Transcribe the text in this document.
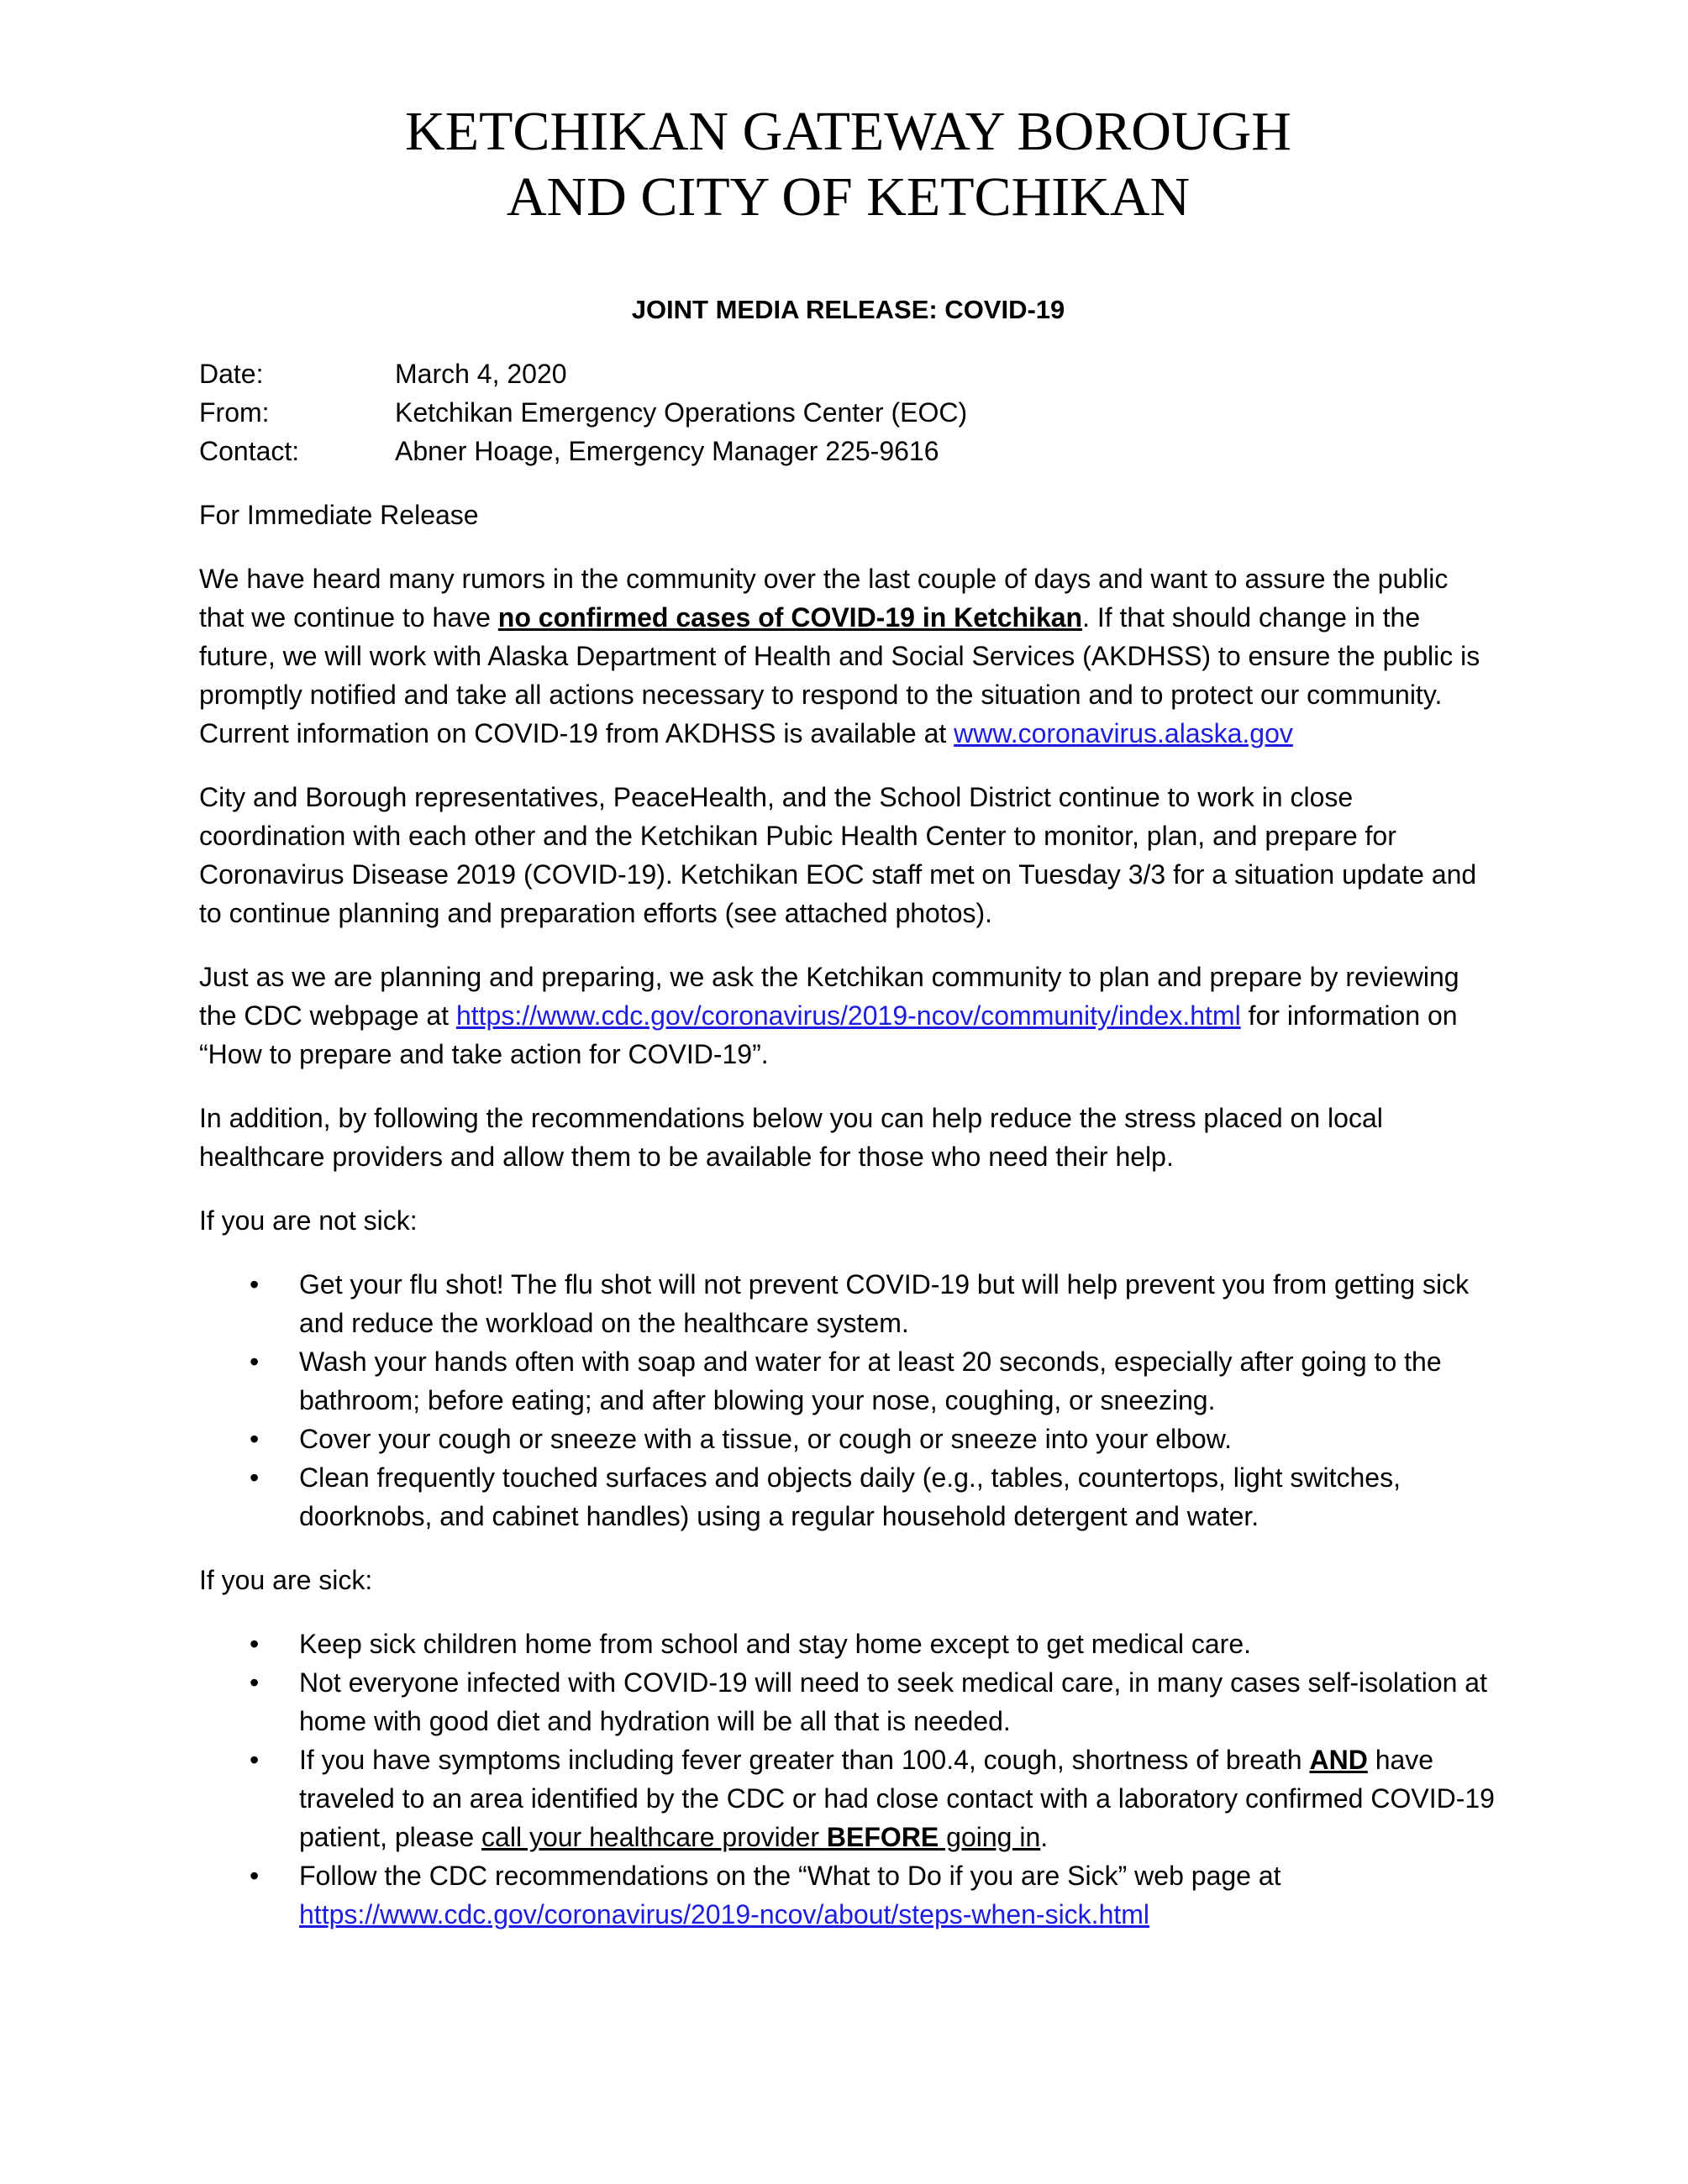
KETCHIKAN GATEWAY BOROUGH
AND CITY OF KETCHIKAN
JOINT MEDIA RELEASE: COVID-19
Date:	March 4, 2020
From:	Ketchikan Emergency Operations Center (EOC)
Contact:	Abner Hoage, Emergency Manager 225-9616
For Immediate Release

We have heard many rumors in the community over the last couple of days and want to assure the public that we continue to have no confirmed cases of COVID-19 in Ketchikan. If that should change in the future, we will work with Alaska Department of Health and Social Services (AKDHSS) to ensure the public is promptly notified and take all actions necessary to respond to the situation and to protect our community. Current information on COVID-19 from AKDHSS is available at www.coronavirus.alaska.gov

City and Borough representatives, PeaceHealth, and the School District continue to work in close coordination with each other and the Ketchikan Pubic Health Center to monitor, plan, and prepare for Coronavirus Disease 2019 (COVID-19). Ketchikan EOC staff met on Tuesday 3/3 for a situation update and to continue planning and preparation efforts (see attached photos).

Just as we are planning and preparing, we ask the Ketchikan community to plan and prepare by reviewing the CDC webpage at https://www.cdc.gov/coronavirus/2019-ncov/community/index.html for information on “How to prepare and take action for COVID-19”.

In addition, by following the recommendations below you can help reduce the stress placed on local healthcare providers and allow them to be available for those who need their help.

If you are not sick:

• Get your flu shot! The flu shot will not prevent COVID-19 but will help prevent you from getting sick and reduce the workload on the healthcare system.
• Wash your hands often with soap and water for at least 20 seconds, especially after going to the bathroom; before eating; and after blowing your nose, coughing, or sneezing.
• Cover your cough or sneeze with a tissue, or cough or sneeze into your elbow.
• Clean frequently touched surfaces and objects daily (e.g., tables, countertops, light switches, doorknobs, and cabinet handles) using a regular household detergent and water.

If you are sick:

• Keep sick children home from school and stay home except to get medical care.
• Not everyone infected with COVID-19 will need to seek medical care, in many cases self-isolation at home with good diet and hydration will be all that is needed.
• If you have symptoms including fever greater than 100.4, cough, shortness of breath AND have traveled to an area identified by the CDC or had close contact with a laboratory confirmed COVID-19 patient, please call your healthcare provider BEFORE going in.
• Follow the CDC recommendations on the “What to Do if you are Sick” web page at https://www.cdc.gov/coronavirus/2019-ncov/about/steps-when-sick.html
